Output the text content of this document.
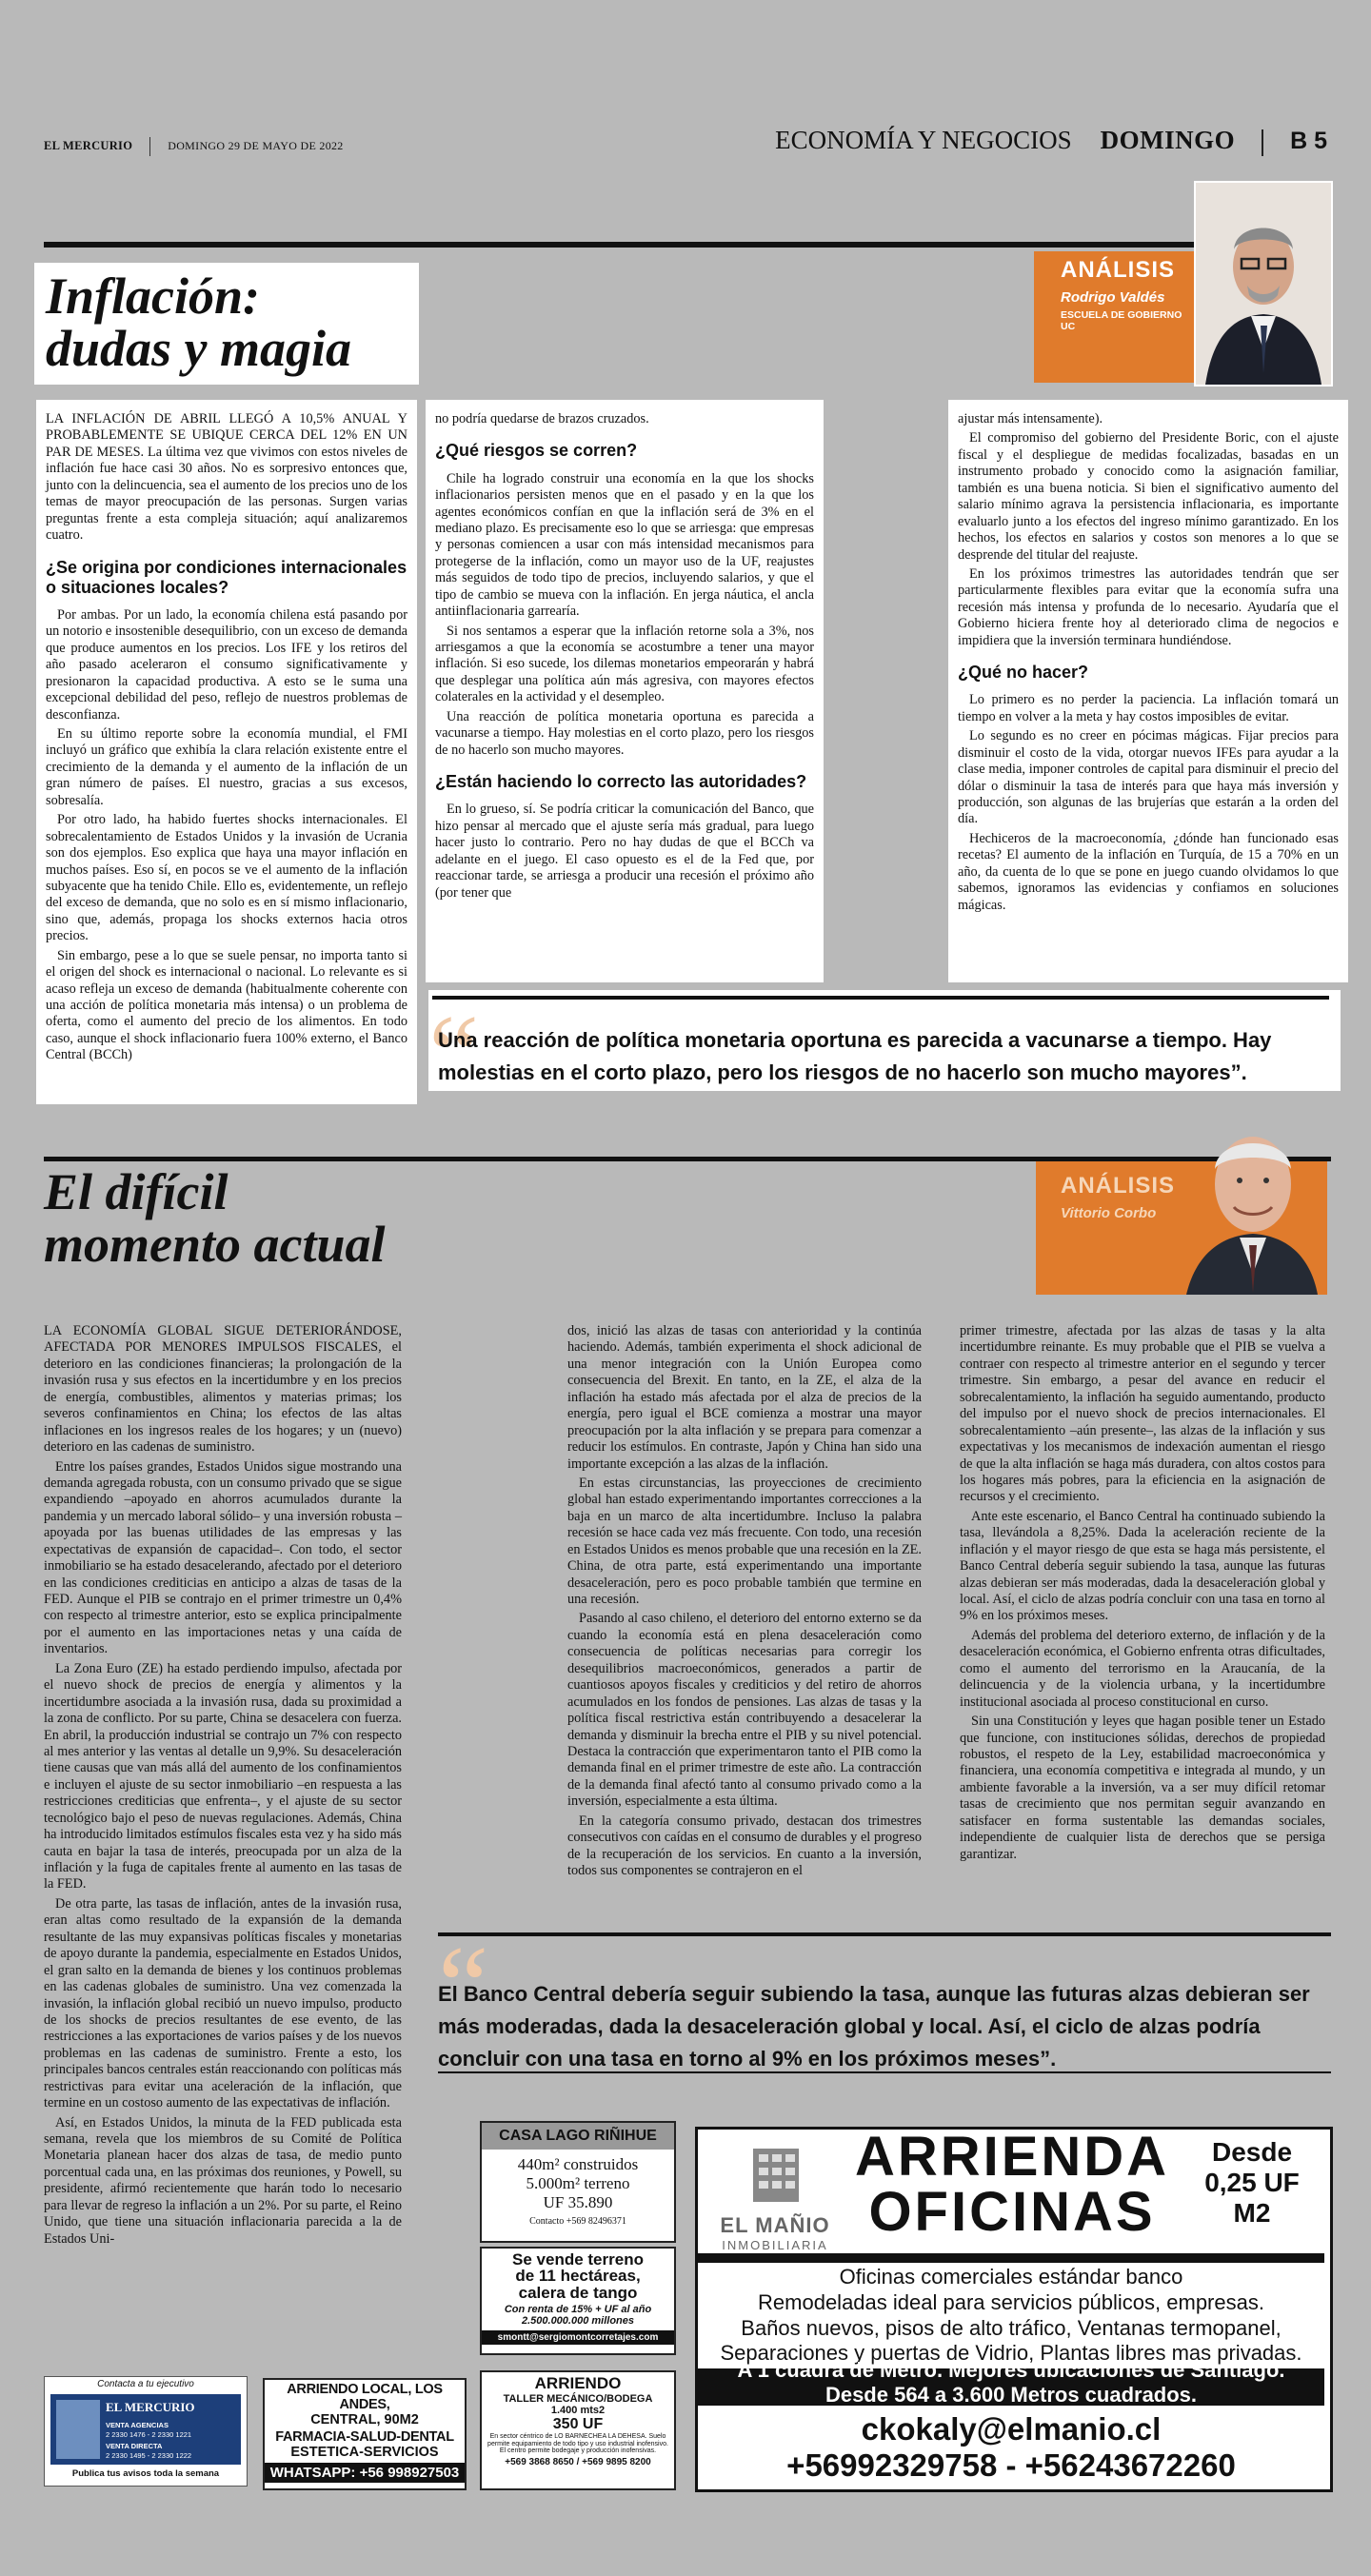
EL MERCURIO	DOMINGO 29 DE MAYO DE 2022	ECONOMÍA Y NEGOCIOS DOMINGO B 5
Inflación:
dudas y magia
ANÁLISIS
Rodrigo Valdés
ESCUELA DE GOBIERNO UC

LA INFLACIÓN DE ABRIL LLEGÓ A 10,5% ANUAL Y PROBABLEMENTE SE UBIQUE CERCA DEL 12% EN UN PAR DE MESES. La última vez que vivimos con estos niveles de inflación fue hace casi 30 años. No es sorpresivo entonces que, junto con la delincuencia, sea el aumento de los precios uno de los temas de mayor preocupación de las personas. Surgen varias preguntas frente a esta compleja situación; aquí analizaremos cuatro.

¿Se origina por condiciones internacionales o situaciones locales?

Por ambas. Por un lado, la economía chilena está pasando por un notorio e insostenible desequilibrio, con un exceso de demanda que produce aumentos en los precios. Los IFE y los retiros del año pasado aceleraron el consumo significativamente y presionaron la capacidad productiva. A esto se le suma una excepcional debilidad del peso, reflejo de nuestros problemas de desconfianza.

En su último reporte sobre la economía mundial, el FMI incluyó un gráfico que exhibía la clara relación existente entre el crecimiento de la demanda y el aumento de la inflación de un gran número de países. El nuestro, gracias a sus excesos, sobresalía.

Por otro lado, ha habido fuertes shocks internacionales. El sobrecalentamiento de Estados Unidos y la invasión de Ucrania son dos ejemplos. Eso explica que haya una mayor inflación en muchos países. Eso sí, en pocos se ve el aumento de la inflación subyacente que ha tenido Chile. Ello es, evidentemente, un reflejo del exceso de demanda, que no solo es en sí mismo inflacionario, sino que, además, propaga los shocks externos hacia otros precios.

Sin embargo, pese a lo que se suele pensar, no importa tanto si el origen del shock es internacional o nacional. Lo relevante es si acaso refleja un exceso de demanda (habitualmente coherente con una acción de política monetaria más intensa) o un problema de oferta, como el aumento del precio de los alimentos. En todo caso, aunque el shock inflacionario fuera 100% externo, el Banco Central (BCCh)

no podría quedarse de brazos cruzados.

¿Qué riesgos se corren?

Chile ha logrado construir una economía en la que los shocks inflacionarios persisten menos que en el pasado y en la que los agentes económicos confían en que la inflación será de 3% en el mediano plazo. Es precisamente eso lo que se arriesga: que empresas y personas comiencen a usar con más intensidad mecanismos para protegerse de la inflación, como un mayor uso de la UF, reajustes más seguidos de todo tipo de precios, incluyendo salarios, y que el tipo de cambio se mueva con la inflación. En jerga náutica, el ancla antiinflacionaria garrearía.

Si nos sentamos a esperar que la inflación retorne sola a 3%, nos arriesgamos a que la economía se acostumbre a tener una mayor inflación. Si eso sucede, los dilemas monetarios empeorarán y habrá que desplegar una política aún más agresiva, con mayores efectos colaterales en la actividad y el desempleo.

Una reacción de política monetaria oportuna es parecida a vacunarse a tiempo. Hay molestias en el corto plazo, pero los riesgos de no hacerlo son mucho mayores.

¿Están haciendo lo correcto las autoridades?

En lo grueso, sí. Se podría criticar la comunicación del Banco, que hizo pensar al mercado que el ajuste sería más gradual, para luego hacer justo lo contrario. Pero no hay dudas de que el BCCh va adelante en el juego. El caso opuesto es el de la Fed que, por reaccionar tarde, se arriesga a producir una recesión el próximo año (por tener que

ajustar más intensamente).

El compromiso del gobierno del Presidente Boric, con el ajuste fiscal y el despliegue de medidas focalizadas, basadas en un instrumento probado y conocido como la asignación familiar, también es una buena noticia. Si bien el significativo aumento del salario mínimo agrava la persistencia inflacionaria, es importante evaluarlo junto a los efectos del ingreso mínimo garantizado. En los hechos, los efectos en salarios y costos son menores a lo que se desprende del titular del reajuste.

En los próximos trimestres las autoridades tendrán que ser particularmente flexibles para evitar que la economía sufra una recesión más intensa y profunda de lo necesario. Ayudaría que el Gobierno hiciera frente hoy al deteriorado clima de negocios e impidiera que la inversión terminara hundiéndose.

¿Qué no hacer?

Lo primero es no perder la paciencia. La inflación tomará un tiempo en volver a la meta y hay costos imposibles de evitar.

Lo segundo es no creer en pócimas mágicas. Fijar precios para disminuir el costo de la vida, otorgar nuevos IFEs para ayudar a la clase media, imponer controles de capital para disminuir el precio del dólar o disminuir la tasa de interés para que haya más inversión y producción, son algunas de las brujerías que estarán a la orden del día.

Hechiceros de la macroeconomía, ¿dónde han funcionado esas recetas? El aumento de la inflación en Turquía, de 15 a 70% en un año, da cuenta de lo que se pone en juego cuando olvidamos lo que sabemos, ignoramos las evidencias y confiamos en soluciones mágicas.

“
Una reacción de política monetaria oportuna es parecida a vacunarse a tiempo. Hay molestias en el corto plazo, pero los riesgos de no hacerlo son mucho mayores”.
El difícil
momento actual
ANÁLISIS
Vittorio Corbo

LA ECONOMÍA GLOBAL SIGUE DETERIORÁNDOSE, AFECTADA POR MENORES IMPULSOS FISCALES, el deterioro en las condiciones financieras; la prolongación de la invasión rusa y sus efectos en la incertidumbre y en los precios de energía, combustibles, alimentos y materias primas; los severos confinamientos en China; los efectos de las altas inflaciones en los ingresos reales de los hogares; y un (nuevo) deterioro en las cadenas de suministro.

Entre los países grandes, Estados Unidos sigue mostrando una demanda agregada robusta, con un consumo privado que se sigue expandiendo –apoyado en ahorros acumulados durante la pandemia y un mercado laboral sólido– y una inversión robusta –apoyada por las buenas utilidades de las empresas y las expectativas de expansión de capacidad–. Con todo, el sector inmobiliario se ha estado desacelerando, afectado por el deterioro en las condiciones crediticias en anticipo a alzas de tasas de la FED. Aunque el PIB se contrajo en el primer trimestre un 0,4% con respecto al trimestre anterior, esto se explica principalmente por el aumento en las importaciones netas y una caída de inventarios.

La Zona Euro (ZE) ha estado perdiendo impulso, afectada por el nuevo shock de precios de energía y alimentos y la incertidumbre asociada a la invasión rusa, dada su proximidad a la zona de conflicto. Por su parte, China se desacelera con fuerza. En abril, la producción industrial se contrajo un 7% con respecto al mes anterior y las ventas al detalle un 9,9%. Su desaceleración tiene causas que van más allá del aumento de los confinamientos e incluyen el ajuste de su sector inmobiliario –en respuesta a las restricciones crediticias que enfrenta–, y el ajuste de su sector tecnológico bajo el peso de nuevas regulaciones. Además, China ha introducido limitados estímulos fiscales esta vez y ha sido más cauta en bajar la tasa de interés, preocupada por un alza de la inflación y la fuga de capitales frente al aumento en las tasas de la FED.

De otra parte, las tasas de inflación, antes de la invasión rusa, eran altas como resultado de la expansión de la demanda resultante de las muy expansivas políticas fiscales y monetarias de apoyo durante la pandemia, especialmente en Estados Unidos, el gran salto en la demanda de bienes y los continuos problemas en las cadenas globales de suministro. Una vez comenzada la invasión, la inflación global recibió un nuevo impulso, producto de los shocks de precios resultantes de ese evento, de las restricciones a las exportaciones de varios países y de los nuevos problemas en las cadenas de suministro. Frente a esto, los principales bancos centrales están reaccionando con políticas más restrictivas para evitar una aceleración de la inflación, que termine en un costoso aumento de las expectativas de inflación.

Así, en Estados Unidos, la minuta de la FED publicada esta semana, revela que los miembros de su Comité de Política Monetaria planean hacer dos alzas de tasa, de medio punto porcentual cada una, en las próximas dos reuniones, y Powell, su presidente, afirmó recientemente que harán todo lo necesario para llevar de regreso la inflación a un 2%. Por su parte, el Reino Unido, que tiene una situación inflacionaria parecida a la de Estados Uni-

dos, inició las alzas de tasas con anterioridad y la continúa haciendo. Además, también experimenta el shock adicional de una menor integración con la Unión Europea como consecuencia del Brexit. En tanto, en la ZE, el alza de la inflación ha estado más afectada por el alza de precios de la energía, pero igual el BCE comienza a mostrar una mayor preocupación por la alta inflación y se prepara para comenzar a reducir los estímulos. En contraste, Japón y China han sido una importante excepción a las alzas de la inflación.

En estas circunstancias, las proyecciones de crecimiento global han estado experimentando importantes correcciones a la baja en un marco de alta incertidumbre. Incluso la palabra recesión se hace cada vez más frecuente. Con todo, una recesión en Estados Unidos es menos probable que una recesión en la ZE. China, de otra parte, está experimentando una importante desaceleración, pero es poco probable también que termine en una recesión.

Pasando al caso chileno, el deterioro del entorno externo se da cuando la economía está en plena desaceleración como consecuencia de políticas necesarias para corregir los desequilibrios macroeconómicos, generados a partir de cuantiosos apoyos fiscales y crediticios y del retiro de ahorros acumulados en los fondos de pensiones. Las alzas de tasas y la política fiscal restrictiva están contribuyendo a desacelerar la demanda y disminuir la brecha entre el PIB y su nivel potencial. Destaca la contracción que experimentaron tanto el PIB como la demanda final en el primer trimestre de este año. La contracción de la demanda final afectó tanto al consumo privado como a la inversión, especialmente a esta última.

En la categoría consumo privado, destacan dos trimestres consecutivos con caídas en el consumo de durables y el progreso de la recuperación de los servicios. En cuanto a la inversión, todos sus componentes se contrajeron en el

primer trimestre, afectada por las alzas de tasas y la alta incertidumbre reinante. Es muy probable que el PIB se vuelva a contraer con respecto al trimestre anterior en el segundo y tercer trimestre. Sin embargo, a pesar del avance en reducir el sobrecalentamiento, la inflación ha seguido aumentando, producto del impulso por el nuevo shock de precios internacionales. El sobrecalentamiento –aún presente–, las alzas de la inflación y sus expectativas y los mecanismos de indexación aumentan el riesgo de que la alta inflación se haga más duradera, con altos costos para los hogares más pobres, para la eficiencia en la asignación de recursos y el crecimiento.

Ante este escenario, el Banco Central ha continuado subiendo la tasa, llevándola a 8,25%. Dada la aceleración reciente de la inflación y el mayor riesgo de que esta se haga más persistente, el Banco Central debería seguir subiendo la tasa, aunque las futuras alzas debieran ser más moderadas, dada la desaceleración global y local. Así, el ciclo de alzas podría concluir con una tasa en torno al 9% en los próximos meses.

Además del problema del deterioro externo, de inflación y de la desaceleración económica, el Gobierno enfrenta otras dificultades, como el aumento del terrorismo en la Araucanía, de la delincuencia y de la violencia urbana, y la incertidumbre institucional asociada al proceso constitucional en curso.

Sin una Constitución y leyes que hagan posible tener un Estado que funcione, con instituciones sólidas, derechos de propiedad robustos, el respeto de la Ley, estabilidad macroeconómica y financiera, una economía competitiva e integrada al mundo, y un ambiente favorable a la inversión, va a ser muy difícil retomar tasas de crecimiento que nos permitan seguir avanzando en satisfacer en forma sustentable las demandas sociales, independiente de cualquier lista de derechos que se persiga garantizar.

“
El Banco Central debería seguir subiendo la tasa, aunque las futuras alzas debieran ser más moderadas, dada la desaceleración global y local. Así, el ciclo de alzas podría concluir con una tasa en torno al 9% en los próximos meses”.
CASA LAGO RIÑIHUE
440m² construidos
5.000m² terreno
UF 35.890
Contacto +569 82496371
Se vende terreno
de 11 hectáreas,
calera de tango
Con renta de 15% + UF al año
2.500.000.000 millones
smontt@sergiomontcorretajes.com
ARRIENDO
TALLER MECÁNICO/BODEGA
1.400 mts2
350 UF
En sector céntrico de LO BARNECHEA LA DEHESA. Suelo permite equipamiento de todo tipo y uso industrial inofensivo. El centro permite bodegaje y producción inofensivas.
+569 3868 8650 / +569 9895 8200
ARRIENDO LOCAL, LOS ANDES,
CENTRAL, 90M2
FARMACIA-SALUD-DENTAL
ESTETICA-SERVICIOS
WHATSAPP: +56 998927503
Contacta a tu ejecutivo
EL MERCURIO
VENTA AGENCIAS
2 2330 1476 - 2 2330 1221
VENTA DIRECTA
2 2330 1495 - 2 2330 1222
Publica tus avisos toda la semana
EL MAÑIO
INMOBILIARIA
ARRIENDA
OFICINAS
Desde
0,25 UF
M2
Oficinas comerciales estándar banco
Remodeladas ideal para servicios públicos, empresas.
Baños nuevos, pisos de alto tráfico, Ventanas termopanel,
Separaciones y puertas de Vidrio, Plantas libres mas privadas.
A 1 cuadra de Metro. Mejores ubicaciones de Santiago.
Desde 564 a 3.600 Metros cuadrados.
ckokaly@elmanio.cl
+56992329758 - +56243672260
